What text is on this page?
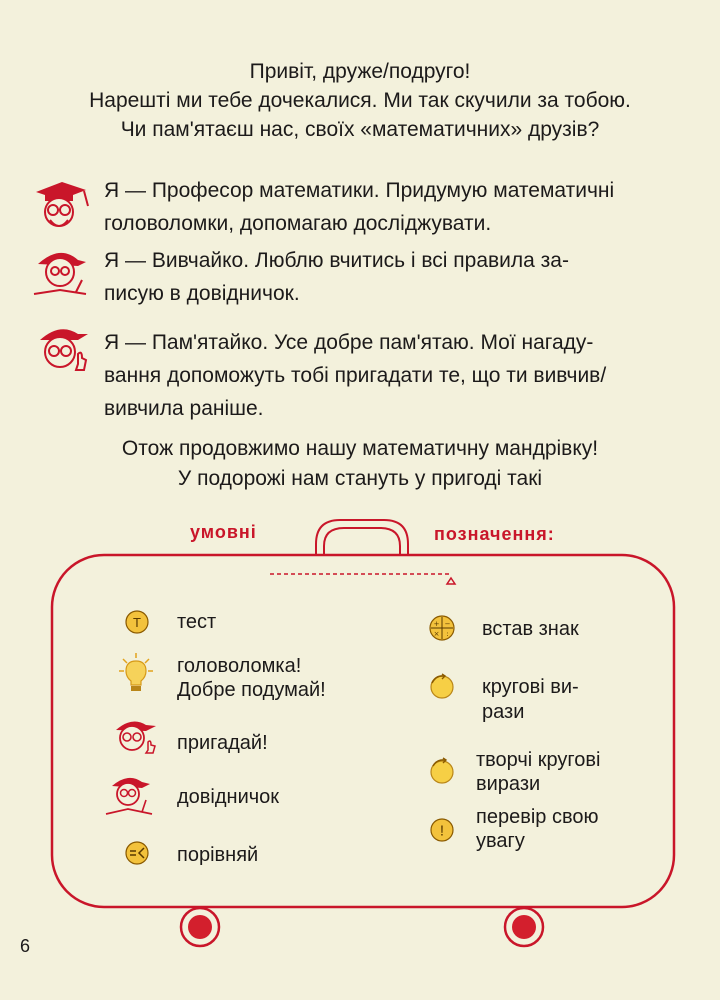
Привіт, друже/подруго!
Нарешті ми тебе дочекалися. Ми так скучили за тобою.
Чи пам'ятаєш нас, своїх «математичних» друзів?
Я — Професор математики. Придумую математичні
головоломки, допомагаю досліджувати.
Я — Вивчайко. Люблю вчитись і всі правила за-
писую в довідничок.
Я — Пам'ятайко. Усе добре пам'ятаю. Мої нагаду-
вання допоможуть тобі пригадати те, що ти вивчив/
вивчила раніше.
Отож продовжимо нашу математичну мандрівку!
У подорожі нам стануть у пригоді такі
умовні	позначення:
Т тест
головоломка!
Добре подумай!
пригадай!
довідничок
порівняй
+ −
× : встав знак
кругові ви-
рази
творчі кругові
вирази
!
перевір свою
увагу
6
